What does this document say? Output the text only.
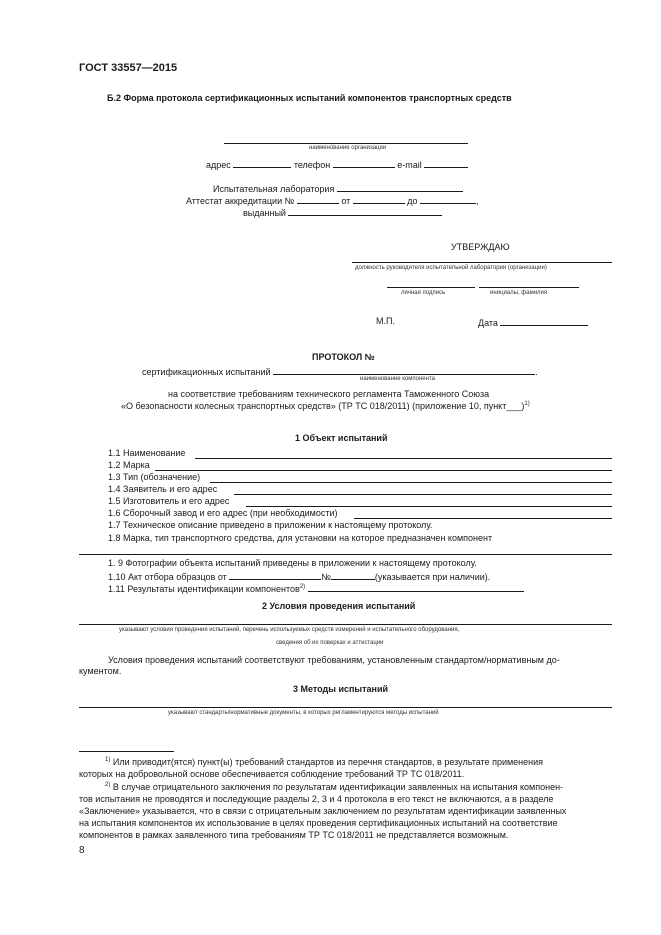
ГОСТ 33557—2015
Б.2 Форма протокола сертификационных испытаний компонентов транспортных средств
наименование организации
адрес	телефон	e-mail
Испытательная лаборатория
Аттестат аккредитации №	от	до	,
выданный
УТВЕРЖДАЮ
должность руководителя испытательной лаборатории (организации)
личная подпись	инициалы, фамилия
М.П.	Дата
ПРОТОКОЛ №
сертификационных испытаний	.
наименование компонента
на соответствие требованиям технического регламента Таможенного Союза
«О безопасности колесных транспортных средств» (ТР ТС 018/2011) (приложение 10, пункт___)$^{1)}$
1 Объект испытаний
1.1 Наименование
1.2 Марка
1.3 Тип (обозначение)
1.4 Заявитель и его адрес
1.5 Изготовитель и его адрес
1.6 Сборочный завод и его адрес (при необходимости)
1.7 Техническое описание приведено в приложении к настоящему протоколу.
1.8 Марка, тип транспортного средства, для установки на которое предназначен компонент
1. 9 Фотографии объекта испытаний приведены в приложении к настоящему протоколу.
1.10 Акт отбора образцов от	№	(указывается при наличии).
1.11 Результаты идентификации компонентов$^{2)}$
2 Условия проведения испытаний
указывают условия проведения испытаний, перечень используемых средств измерений и испытательного оборудования,
сведения об их поверках и аттестации
Условия проведения испытаний соответствуют требованиям, установленным стандартом/нормативным до-
кументом.
3 Методы испытаний
указывают стандарты/нормативные документы, в которых регламентируются методы испытаний
$^{1)}$ Или приводит(ятся) пункт(ы) требований стандартов из перечня стандартов, в результате применения
которых на добровольной основе обеспечивается соблюдение требований ТР ТС 018/2011.
$^{2)}$ В случае отрицательного заключения по результатам идентификации заявленных на испытания компонен-
тов испытания не проводятся и последующие разделы 2, 3 и 4 протокола в его текст не включаются, а в разделе
«Заключение» указывается, что в связи с отрицательным заключением по результатам идентификации заявленных
на испытания компонентов их использование в целях проведения сертификационных испытаний на соответствие
компонентов в рамках заявленного типа требованиям ТР ТС 018/2011 не представляется возможным.
8
